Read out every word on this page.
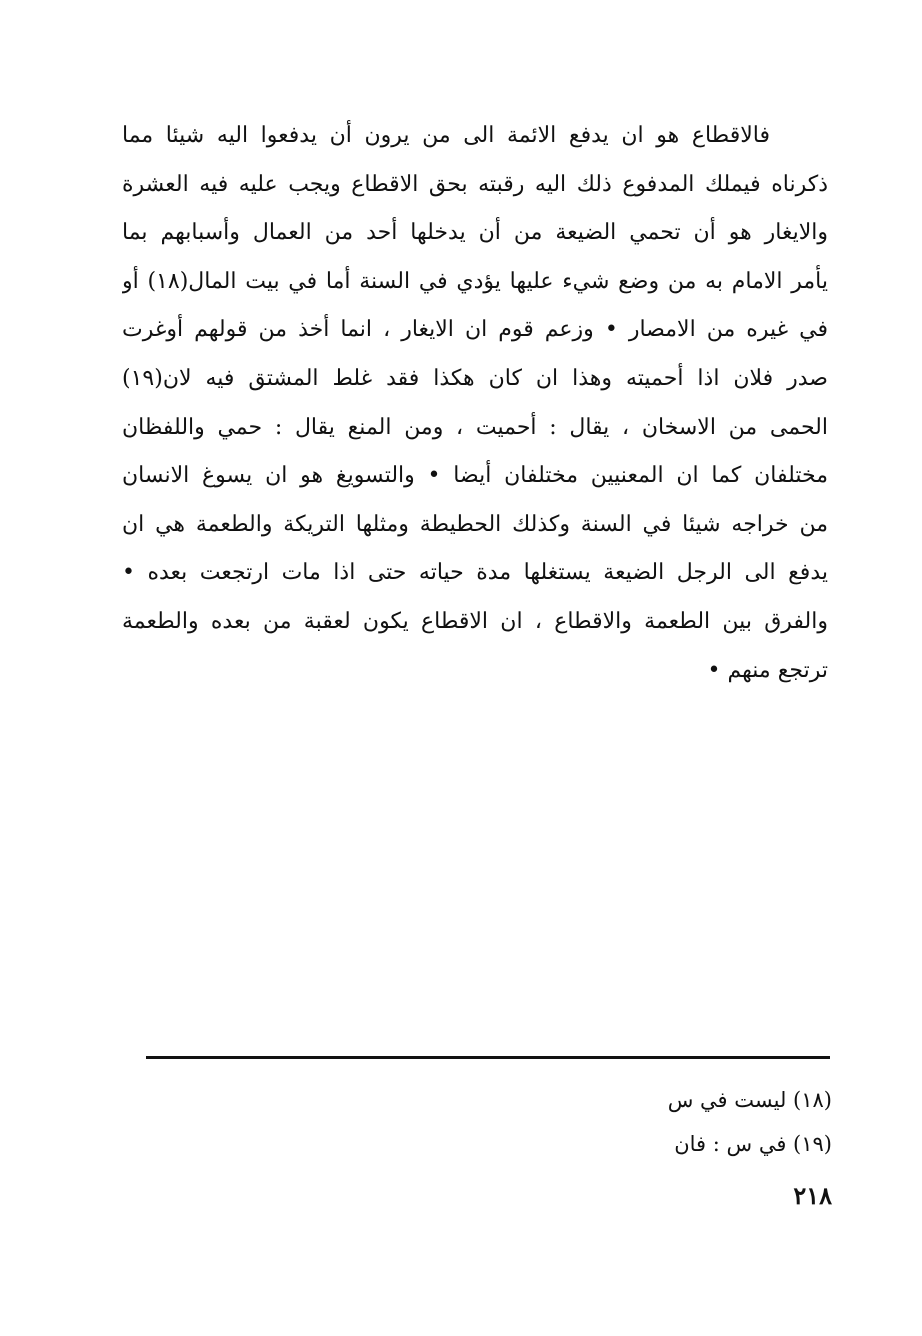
فالاقطاع هو ان يدفع الائمة الى من يرون أن يدفعوا اليه شيئا مما
ذكرناه فيملك المدفوع ذلك اليه رقبته بحق الاقطاع ويجب عليه فيه العشرة
والايغار هو أن تحمي الضيعة من أن يدخلها أحد من العمال وأسبابهم بما
يأمر الامام به من وضع شيء عليها يؤدي في السنة أما في بيت المال(١٨) أو
في غيره من الامصار • وزعم قوم ان الايغار ، انما أخذ من قولهم أوغرت
صدر فلان اذا أحميته وهذا ان كان هكذا فقد غلط المشتق فيه لان(١٩)
الحمى من الاسخان ، يقال : أحميت ، ومن المنع يقال : حمي واللفظان
مختلفان كما ان المعنيين مختلفان أيضا • والتسويغ هو ان يسوغ الانسان
من خراجه شيئا في السنة وكذلك الحطيطة ومثلها التريكة والطعمة هي ان
يدفع الى الرجل الضيعة يستغلها مدة حياته حتى اذا مات ارتجعت بعده •
والفرق بين الطعمة والاقطاع ، ان الاقطاع يكون لعقبة من بعده والطعمة
ترتجع منهم •
(١٨) ليست في س
(١٩) في س : فان
٢١٨
